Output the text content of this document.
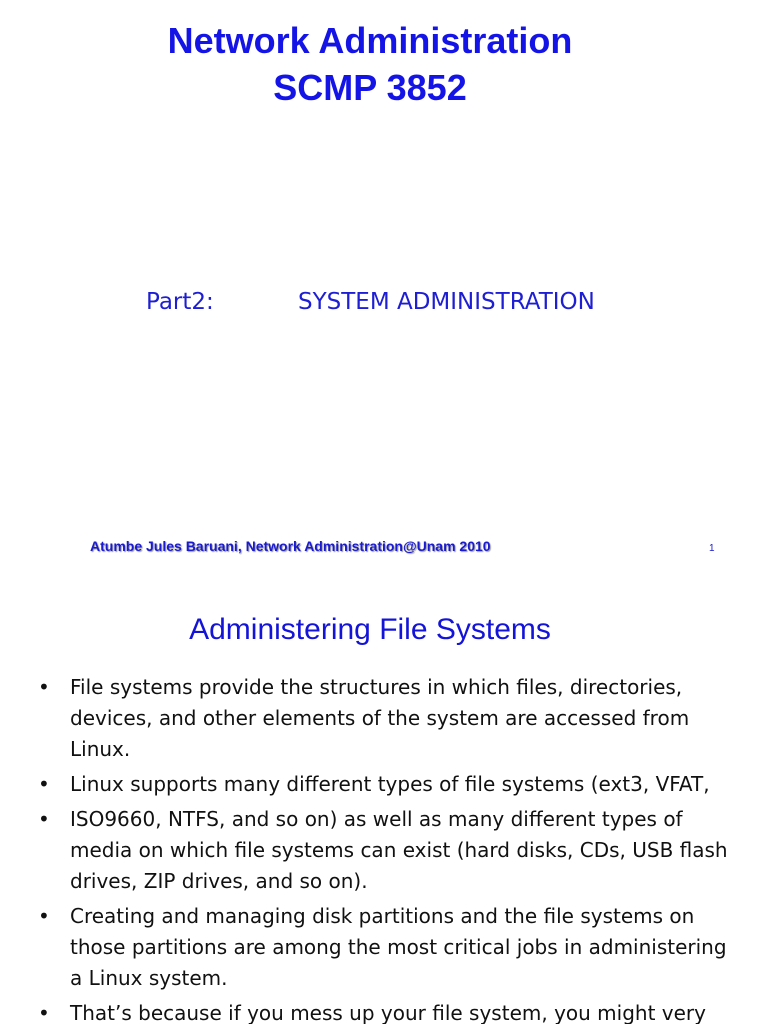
Network Administration
SCMP 3852
Part2:	SYSTEM ADMINISTRATION
Atumbe Jules Baruani, Network Administration@Unam 2010	1
Administering File Systems
• File systems provide the structures in which files, directories, devices, and other elements of the system are accessed from Linux.
• Linux supports many different types of file systems (ext3, VFAT,
• ISO9660, NTFS, and so on) as well as many different types of media on which file systems can exist (hard disks, CDs, USB flash drives, ZIP drives, and so on).
• Creating and managing disk partitions and the file systems on those partitions are among the most critical jobs in administering a Linux system.
• That’s because if you mess up your file system, you might very
